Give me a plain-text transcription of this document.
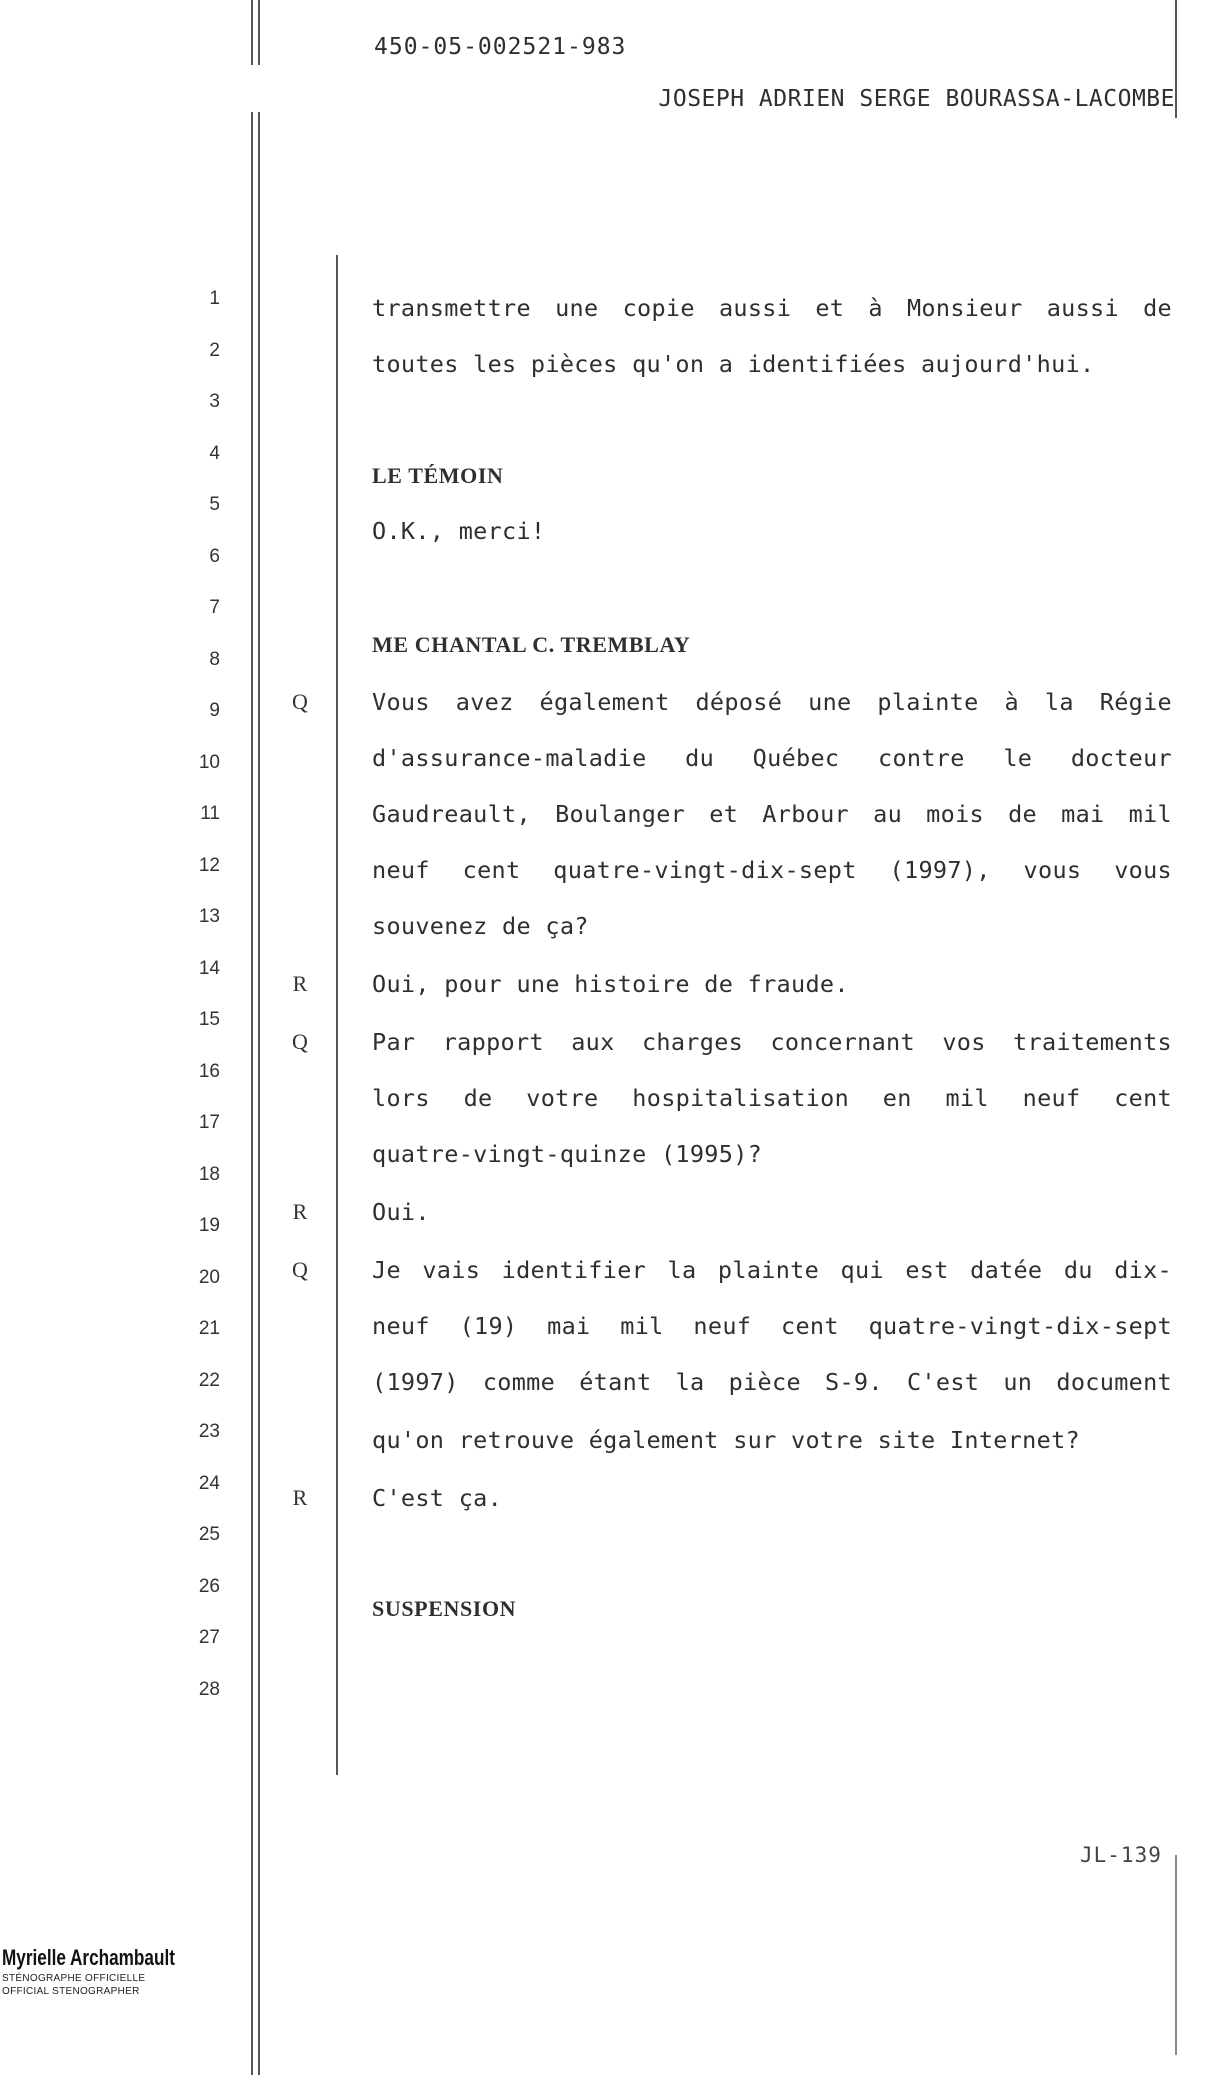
450-05-002521-983
JOSEPH ADRIEN SERGE BOURASSA-LACOMBE
1	transmettre une copie aussi et à Monsieur aussi de
2	toutes les pièces qu'on a identifiées aujourd'hui.
3
4
LE TÉMOIN
5
O.K., merci!
6
7
ME CHANTAL C. TREMBLAY
8
Q	Vous avez également déposé une plainte à la Régie
9
d'assurance-maladie du Québec contre le docteur
10
Gaudreault, Boulanger et Arbour au mois de mai mil
11
neuf cent quatre-vingt-dix-sept (1997), vous vous
12
souvenez de ça?
13
R	Oui, pour une histoire de fraude.
14
Q	Par rapport aux charges concernant vos traitements
15
lors de votre hospitalisation en mil neuf cent
16
quatre-vingt-quinze (1995)?
17
R	Oui.
18
Q	Je vais identifier la plainte qui est datée du dix-
19
neuf (19) mai mil neuf cent quatre-vingt-dix-sept
20
(1997) comme étant la pièce S-9. C'est un document
21
qu'on retrouve également sur votre site Internet?
22
R	C'est ça.
23
24
SUSPENSION
25
26
27
28
JL-139
Myrielle Archambault
STÉNOGRAPHE OFFICIELLE
OFFICIAL STENOGRAPHER
